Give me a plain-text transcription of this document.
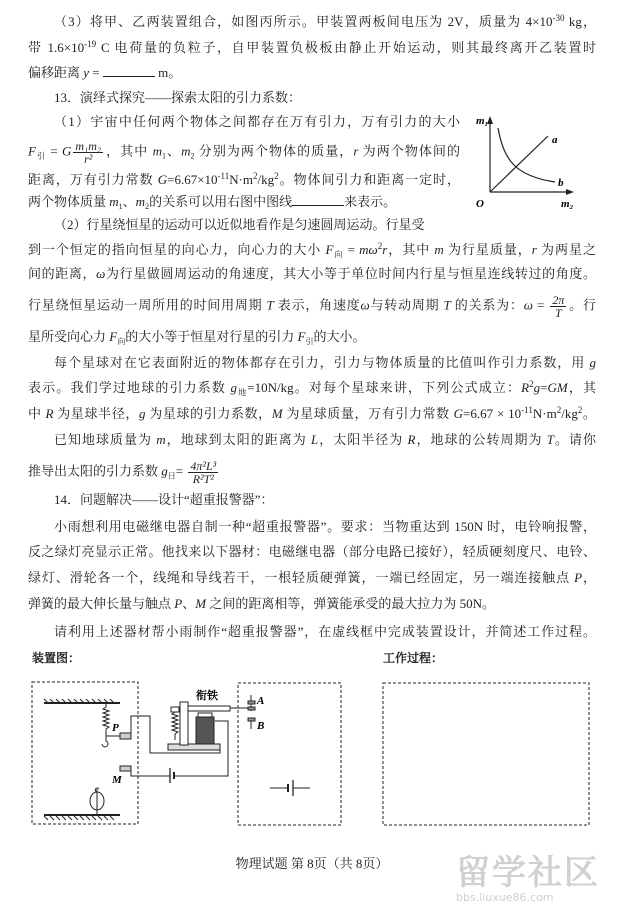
（3）将甲、乙两装置组合，如图丙所示。甲装置两板间电压为 2V，质量为 $4\times 10^{-30}$ kg，
带 $1.6\times 10^{-19}$ C 电荷量的负粒子，自甲装置负极板由静止开始运动，则其最终离开乙装置时
偏移距离 y =	m。
13．演绎式探究——探索太阳的引力系数：
（1）宇宙中任何两个物体之间都存在万有引力，万有引力的大小
$F_引 = G \frac{\text{m₁m₂}}{\text{r²}}$ ，其中 $m_1$、$m_2$ 分别为两个物体的质量，r 为两个物体间的
距离，万有引力常数 $G=6.67\times 10^{-11}N\cdot m^2/kg^2$。物体间引力和距离一定时，
两个物体质量 $m_1$、$m_2$的关系可以用右图中图线	来表示。
（2）行星绕恒星的运动可以近似地看作是匀速圆周运动。行星受
到一个恒定的指向恒星的向心力，向心力的大小 $F_向 = m\omega^2r$，其中 m 为行星质量，r 为两星之
间的距离，ω为行星做圆周运动的角速度，其大小等于单位时间内行星与恒星连线转过的角度。
行星绕恒星运动一周所用的时间用周期 T 表示，角速度ω与转动周期 T 的关系为：$\omega = \frac{2\pi}{T}$ 。行
星所受向心力 $F_向$的大小等于恒星对行星的引力 $F_引$的大小。
每个星球对在它表面附近的物体都存在引力，引力与物体质量的比值叫作引力系数，用 g
表示。我们学过地球的引力系数 $g_地=10N/kg$。对每个星球来讲，下列公式成立：$R^2g=GM$，其
中 R 为星球半径，g 为星球的引力系数，M 为星球质量，万有引力常数 $G=6.67 \times 10^{-11}N\cdot m^2/kg^2$。
已知地球质量为 m，地球到太阳的距离为 L，太阳半径为 R，地球的公转周期为 T。请你
推导出太阳的引力系数 $g_日= \frac{\text{4π²L³}}{\text{R²T²}}$
14．问题解决——设计“超重报警器”：
小雨想利用电磁继电器自制一种“超重报警器”。要求：当物重达到 150N 时，电铃响报警，
反之绿灯亮显示正常。他找来以下器材：电磁继电器（部分电路已接好），轻质硬刻度尺、电铃、
绿灯、滑轮各一个，线绳和导线若干，一根轻质硬弹簧，一端已经固定，另一端连接触点 P，
弹簧的最大伸长量与触点 P、M 之间的距离相等，弹簧能承受的最大拉力为 50N。
请利用上述器材帮小雨制作“超重报警器”，在虚线框中完成装置设计，并简述工作过程。
m₁
m₂
O
a
b
装置图：	工作过程：
衔铁	A
B
P
M
物理试题 第 8页（共 8页）	留学社区
bbs.liuxue86.com
